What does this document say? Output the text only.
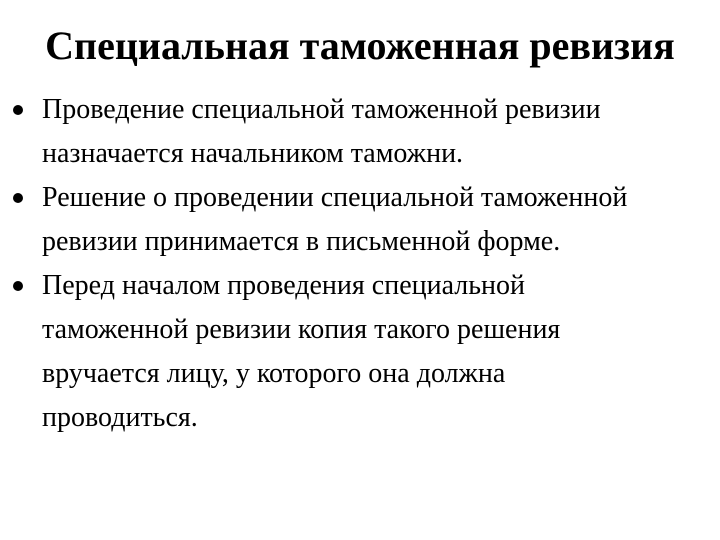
Специальная таможенная ревизия
Проведение специальной таможенной ревизии
назначается начальником таможни.
Решение о проведении специальной таможенной
ревизии принимается в письменной форме.
Перед началом проведения специальной
таможенной ревизии копия такого решения
вручается лицу, у которого она должна
проводиться.
